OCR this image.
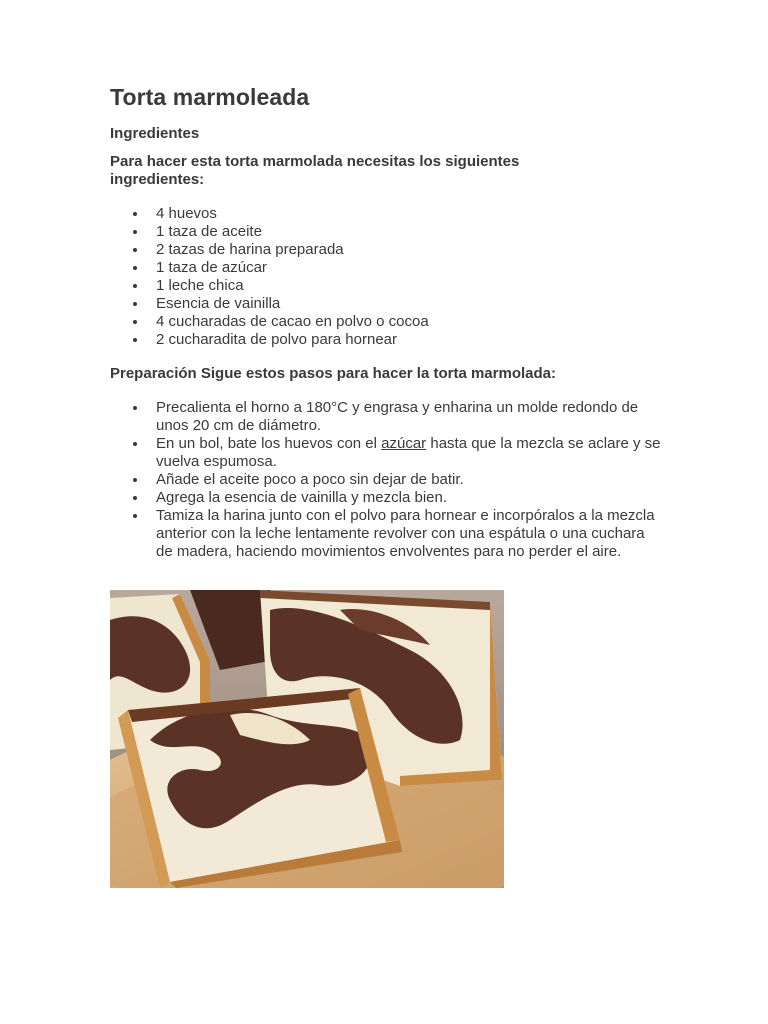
Torta marmoleada
Ingredientes
Para hacer esta torta marmolada necesitas los siguientes ingredientes:
4 huevos
1 taza de aceite
2 tazas de harina preparada
1 taza de azúcar
1 leche chica
Esencia de vainilla
4 cucharadas de cacao en polvo o cocoa
2 cucharadita de polvo para hornear
Preparación Sigue estos pasos para hacer la torta marmolada:
Precalienta el horno a 180°C y engrasa y enharina un molde redondo de unos 20 cm de diámetro.
En un bol, bate los huevos con el azúcar hasta que la mezcla se aclare y se vuelva espumosa.
Añade el aceite poco a poco sin dejar de batir.
Agrega la esencia de vainilla y mezcla bien.
Tamiza la harina junto con el polvo para hornear e incorpóralos a la mezcla anterior con la leche lentamente revolver con una espátula o una cuchara de madera, haciendo movimientos envolventes para no perder el aire.
